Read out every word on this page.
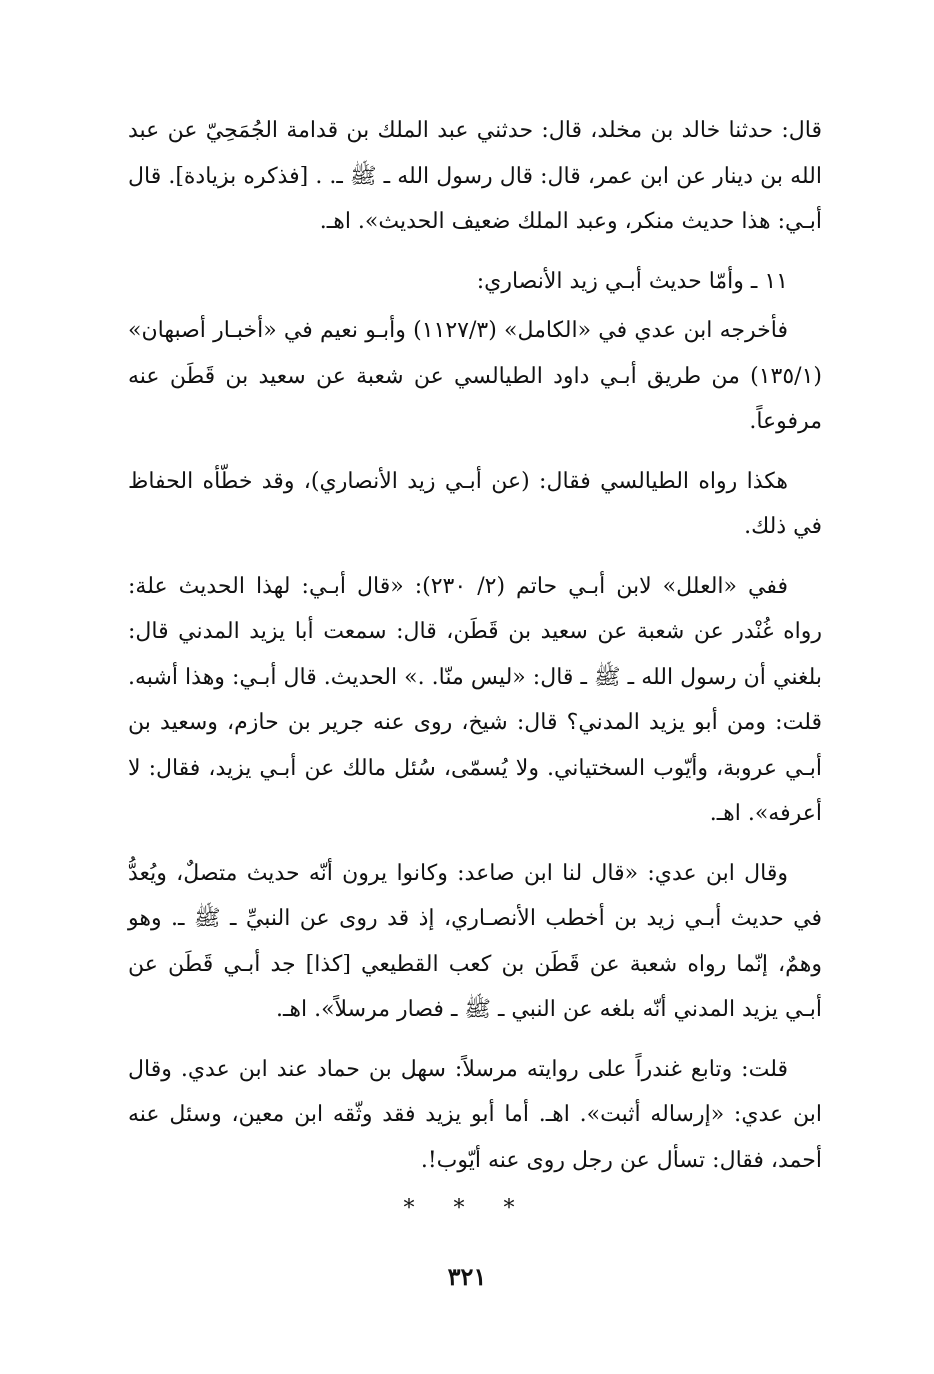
قال: حدثنا خالد بن مخلد، قال: حدثني عبد الملك بن قدامة الجُمَحِيّ عن عبد الله بن دينار عن ابن عمر، قال: قال رسول الله ـ ﷺ ـ. . [فذكره بزيادة]. قال أبـي: هذا حديث منكر، وعبد الملك ضعيف الحديث». اهـ.

١١ ـ وأمّا حديث أبـي زيد الأنصاري:

فأخرجه ابن عدي في «الكامل» (١١٢٧/٣) وأبـو نعيم في «أخبـار أصبهان» (١٣٥/١) من طريق أبـي داود الطيالسي عن شعبة عن سعيد بن قَطَن عنه مرفوعاً.

هكذا رواه الطيالسي فقال: (عن أبـي زيد الأنصاري)، وقد خطّأه الحفاظ في ذلك.

ففي «العلل» لابن أبـي حاتم (٢/ ٢٣٠): «قال أبـي: لهذا الحديث علة: رواه غُنْدر عن شعبة عن سعيد بن قَطَن، قال: سمعت أبا يزيد المدني قال: بلغني أن رسول الله ـ ﷺ ـ قال: «ليس منّا. .» الحديث. قال أبـي: وهذا أشبه. قلت: ومن أبو يزيد المدني؟ قال: شيخ، روى عنه جرير بن حازم، وسعيد بن أبـي عروبة، وأيّوب السختياني. ولا يُسمّى، سُئل مالك عن أبـي يزيد، فقال: لا أعرفه». اهـ.

وقال ابن عدي: «قال لنا ابن صاعد: وكانوا يرون أنّه حديث متصلٌ، ويُعدُّ في حديث أبـي زيد بن أخطب الأنصـاري، إذ قد روى عن النبيِّ ـ ﷺ ـ. وهو وهمٌ، إنّما رواه شعبة عن قَطَن بن كعب القطيعي [كذا] جد أبـي قَطَن عن أبـي يزيد المدني أنّه بلغه عن النبي ـ ﷺ ـ فصار مرسلاً». اهـ.

قلت: وتابع غندراً على روايته مرسلاً: سهل بن حماد عند ابن عدي. وقال ابن عدي: «إرساله أثبت». اهـ. أما أبو يزيد فقد وثّقه ابن معين، وسئل عنه أحمد، فقال: تسأل عن رجل روى عنه أيّوب!.

* * *
٣٢١
